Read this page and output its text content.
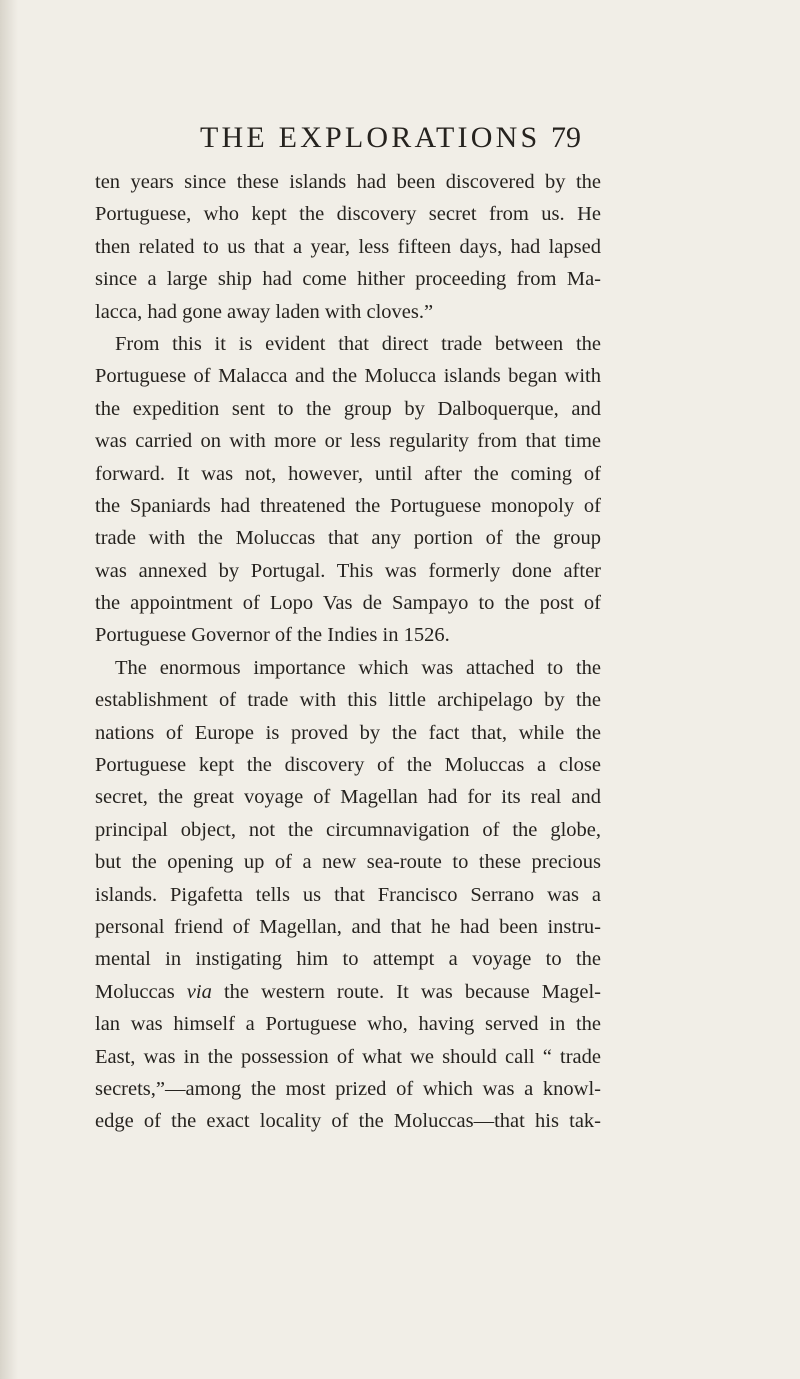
THE EXPLORATIONS 79
ten years since these islands had been discovered by the
Portuguese, who kept the discovery secret from us. He
then related to us that a year, less fifteen days, had lapsed
since a large ship had come hither proceeding from Ma-
lacca, had gone away laden with cloves.”
From this it is evident that direct trade between the
Portuguese of Malacca and the Molucca islands began with
the expedition sent to the group by Dalboquerque, and
was carried on with more or less regularity from that time
forward. It was not, however, until after the coming of
the Spaniards had threatened the Portuguese monopoly of
trade with the Moluccas that any portion of the group
was annexed by Portugal. This was formerly done after
the appointment of Lopo Vas de Sampayo to the post of
Portuguese Governor of the Indies in 1526.
The enormous importance which was attached to the
establishment of trade with this little archipelago by the
nations of Europe is proved by the fact that, while the
Portuguese kept the discovery of the Moluccas a close
secret, the great voyage of Magellan had for its real and
principal object, not the circumnavigation of the globe,
but the opening up of a new sea-route to these precious
islands. Pigafetta tells us that Francisco Serrano was a
personal friend of Magellan, and that he had been instru-
mental in instigating him to attempt a voyage to the
Moluccas via the western route. It was because Magel-
lan was himself a Portuguese who, having served in the
East, was in the possession of what we should call “ trade
secrets,”—among the most prized of which was a knowl-
edge of the exact locality of the Moluccas—that his tak-
